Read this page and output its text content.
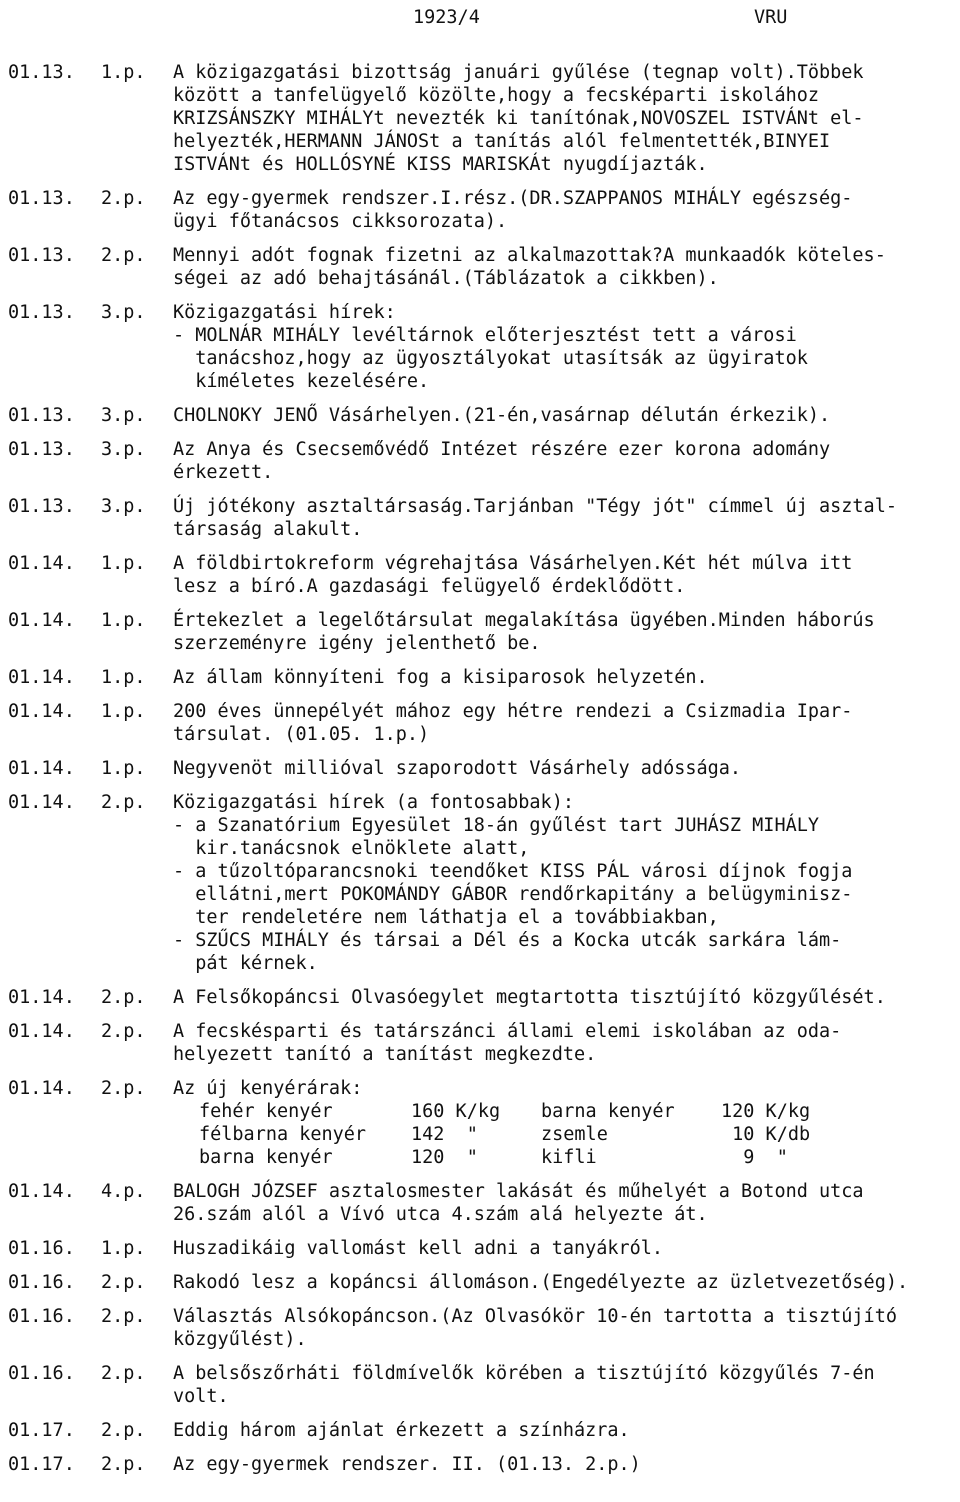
1923/4	VRU
01.13.	1.p.	A közigazgatási bizottság januári gyűlése (tegnap volt).Többek
között a tanfelügyelő közölte,hogy a fecsképarti iskolához
KRIZSÁNSZKY MIHÁLYt nevezték ki tanítónak,NOVOSZEL ISTVÁNt el-
helyezték,HERMANN JÁNOSt a tanítás alól felmentették,BINYEI
ISTVÁNt és HOLLÓSYNÉ KISS MARISKÁt nyugdíjazták.
01.13.	2.p.	Az egy-gyermek rendszer.I.rész.(DR.SZAPPANOS MIHÁLY egészség-
ügyi főtanácsos cikksorozata).
01.13.	2.p.	Mennyi adót fognak fizetni az alkalmazottak?A munkaadók köteles-
ségei az adó behajtásánál.(Táblázatok a cikkben).
01.13.	3.p.	Közigazgatási hírek:
- MOLNÁR MIHÁLY levéltárnok előterjesztést tett a városi
tanácshoz,hogy az ügyosztályokat utasítsák az ügyiratok
kíméletes kezelésére.
01.13.	3.p.	CHOLNOKY JENŐ Vásárhelyen.(21-én,vasárnap délután érkezik).
01.13.	3.p.	Az Anya és Csecsemővédő Intézet részére ezer korona adomány
érkezett.
01.13.	3.p.	Új jótékony asztaltársaság.Tarjánban "Tégy jót" címmel új asztal-
társaság alakult.
01.14.	1.p.	A földbirtokreform végrehajtása Vásárhelyen.Két hét múlva itt
lesz a bíró.A gazdasági felügyelő érdeklődött.
01.14.	1.p.	Értekezlet a legelőtársulat megalakítása ügyében.Minden háborús
szerzeményre igény jelenthető be.
01.14.	1.p.	Az állam könnyíteni fog a kisiparosok helyzetén.
01.14.	1.p.	200 éves ünnepélyét mához egy hétre rendezi a Csizmadia Ipar-
társulat. (01.05. 1.p.)
01.14.	1.p.	Negyvenöt millióval szaporodott Vásárhely adóssága.
01.14.	2.p.	Közigazgatási hírek (a fontosabbak):
- a Szanatórium Egyesület 18-án gyűlést tart JUHÁSZ MIHÁLY
kir.tanácsnok elnöklete alatt,
- a tűzoltóparancsnoki teendőket KISS PÁL városi díjnok fogja
ellátni,mert POKOMÁNDY GÁBOR rendőrkapitány a belügyminisz-
ter rendeletére nem láthatja el a továbbiakban,
- SZŰCS MIHÁLY és társai a Dél és a Kocka utcák sarkára lám-
pát kérnek.
01.14.	2.p.	A Felsőkopáncsi Olvasóegylet megtartotta tisztújító közgyűlését.
01.14.	2.p.	A fecskésparti és tatárszánci állami elemi iskolában az oda-
helyezett tanító a tanítást megkezdte.
01.14.	2.p.	Az új kenyérárak:
fehér kenyér	160 K/kg	barna kenyér	120 K/kg
félbarna kenyér	142  "	zsemle	10 K/db
barna kenyér	120  "	kifli	9  "
01.14.	4.p.	BALOGH JÓZSEF asztalosmester lakását és műhelyét a Botond utca
26.szám alól a Vívó utca 4.szám alá helyezte át.
01.16.	1.p.	Huszadikáig vallomást kell adni a tanyákról.
01.16.	2.p.	Rakodó lesz a kopáncsi állomáson.(Engedélyezte az üzletvezetőség).
01.16.	2.p.	Választás Alsókopáncson.(Az Olvasókör 10-én tartotta a tisztújító
közgyűlést).
01.16.	2.p.	A belsőszőrháti földmívelők körében a tisztújító közgyűlés 7-én
volt.
01.17.	2.p.	Eddig három ajánlat érkezett a színházra.
01.17.	2.p.	Az egy-gyermek rendszer. II. (01.13. 2.p.)
